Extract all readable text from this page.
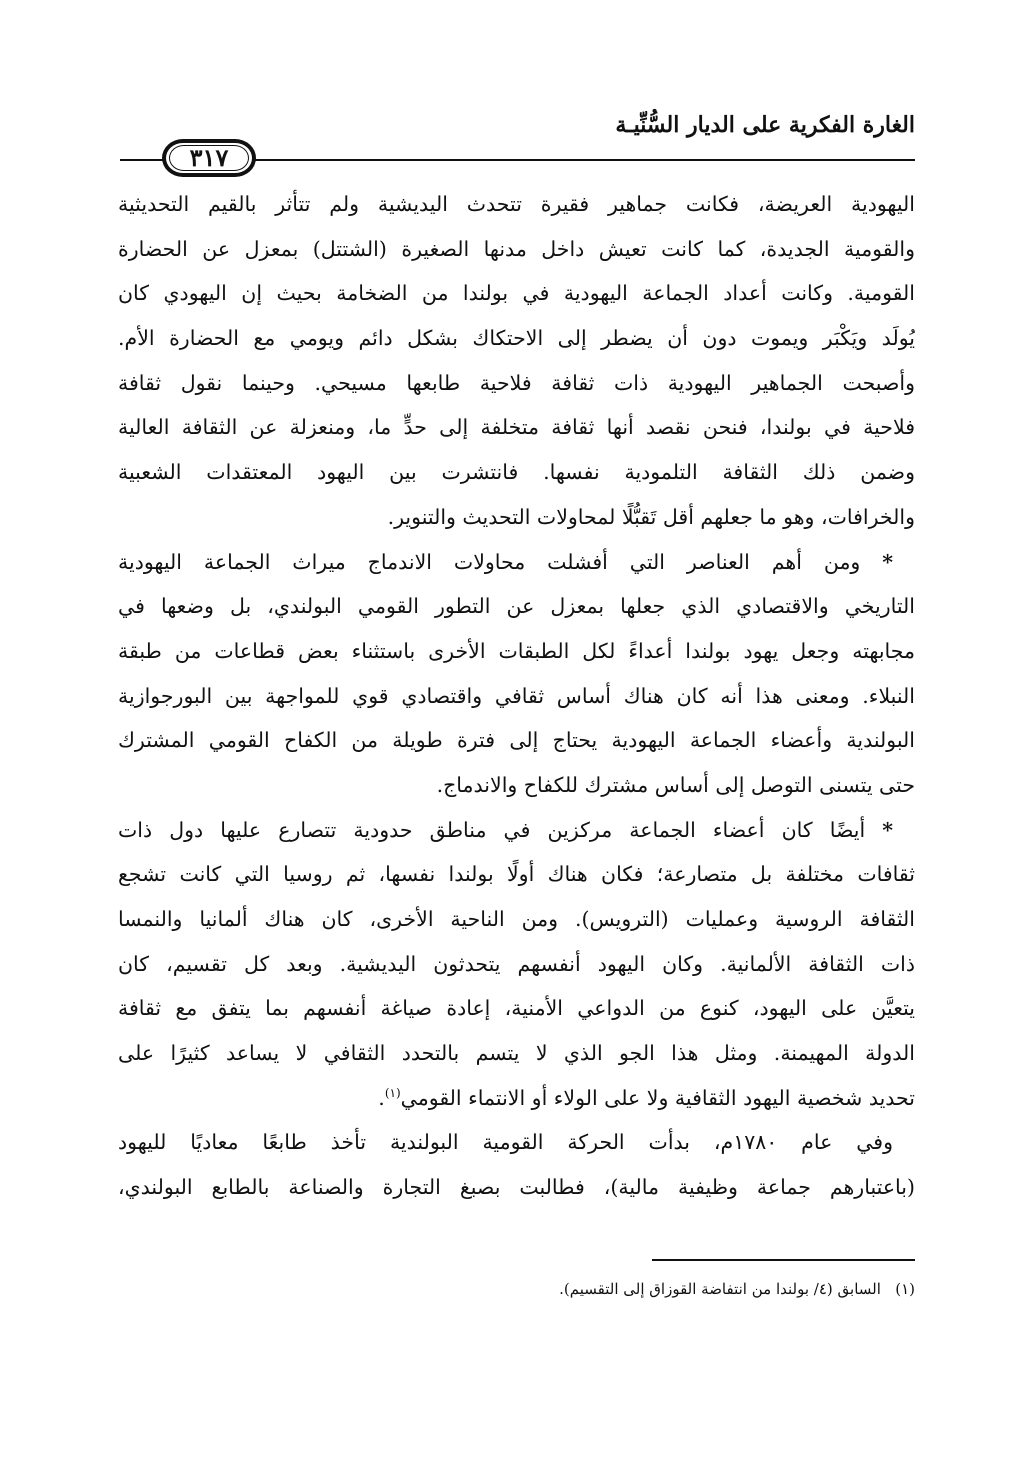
الغارة الفكرية على الديار السُّنِّيـة
٣١٧
اليهودية العريضة، فكانت جماهير فقيرة تتحدث اليديشية ولم تتأثر بالقيم التحديثية
والقومية الجديدة، كما كانت تعيش داخل مدنها الصغيرة (الشتتل) بمعزل عن الحضارة
القومية. وكانت أعداد الجماعة اليهودية في بولندا من الضخامة بحيث إن اليهودي كان
يُولَد ويَكْبَر ويموت دون أن يضطر إلى الاحتكاك بشكل دائم ويومي مع الحضارة الأم.
وأصبحت الجماهير اليهودية ذات ثقافة فلاحية طابعها مسيحي. وحينما نقول ثقافة
فلاحية في بولندا، فنحن نقصد أنها ثقافة متخلفة إلى حدٍّ ما، ومنعزلة عن الثقافة العالية
وضمن ذلك الثقافة التلمودية نفسها. فانتشرت بين اليهود المعتقدات الشعبية
والخرافات، وهو ما جعلهم أقل تَقبُّلًا لمحاولات التحديث والتنوير.
* ومن أهم العناصر التي أفشلت محاولات الاندماج ميراث الجماعة اليهودية
التاريخي والاقتصادي الذي جعلها بمعزل عن التطور القومي البولندي، بل وضعها في
مجابهته وجعل يهود بولندا أعداءً لكل الطبقات الأخرى باستثناء بعض قطاعات من طبقة
النبلاء. ومعنى هذا أنه كان هناك أساس ثقافي واقتصادي قوي للمواجهة بين البورجوازية
البولندية وأعضاء الجماعة اليهودية يحتاج إلى فترة طويلة من الكفاح القومي المشترك
حتى يتسنى التوصل إلى أساس مشترك للكفاح والاندماج.
* أيضًا كان أعضاء الجماعة مركزين في مناطق حدودية تتصارع عليها دول ذات
ثقافات مختلفة بل متصارعة؛ فكان هناك أولًا بولندا نفسها، ثم روسيا التي كانت تشجع
الثقافة الروسية وعمليات (الترويس). ومن الناحية الأخرى، كان هناك ألمانيا والنمسا
ذات الثقافة الألمانية. وكان اليهود أنفسهم يتحدثون اليديشية. وبعد كل تقسيم، كان
يتعيَّن على اليهود، كنوع من الدواعي الأمنية، إعادة صياغة أنفسهم بما يتفق مع ثقافة
الدولة المهيمنة. ومثل هذا الجو الذي لا يتسم بالتحدد الثقافي لا يساعد كثيرًا على
تحديد شخصية اليهود الثقافية ولا على الولاء أو الانتماء القومي$^{(١)}$.
وفي عام ١٧٨٠م، بدأت الحركة القومية البولندية تأخذ طابعًا معاديًا لليهود
(باعتبارهم جماعة وظيفية مالية)، فطالبت بصبغ التجارة والصناعة بالطابع البولندي،
(١)   السابق (٤/ بولندا من انتفاضة القوزاق إلى التقسيم).
